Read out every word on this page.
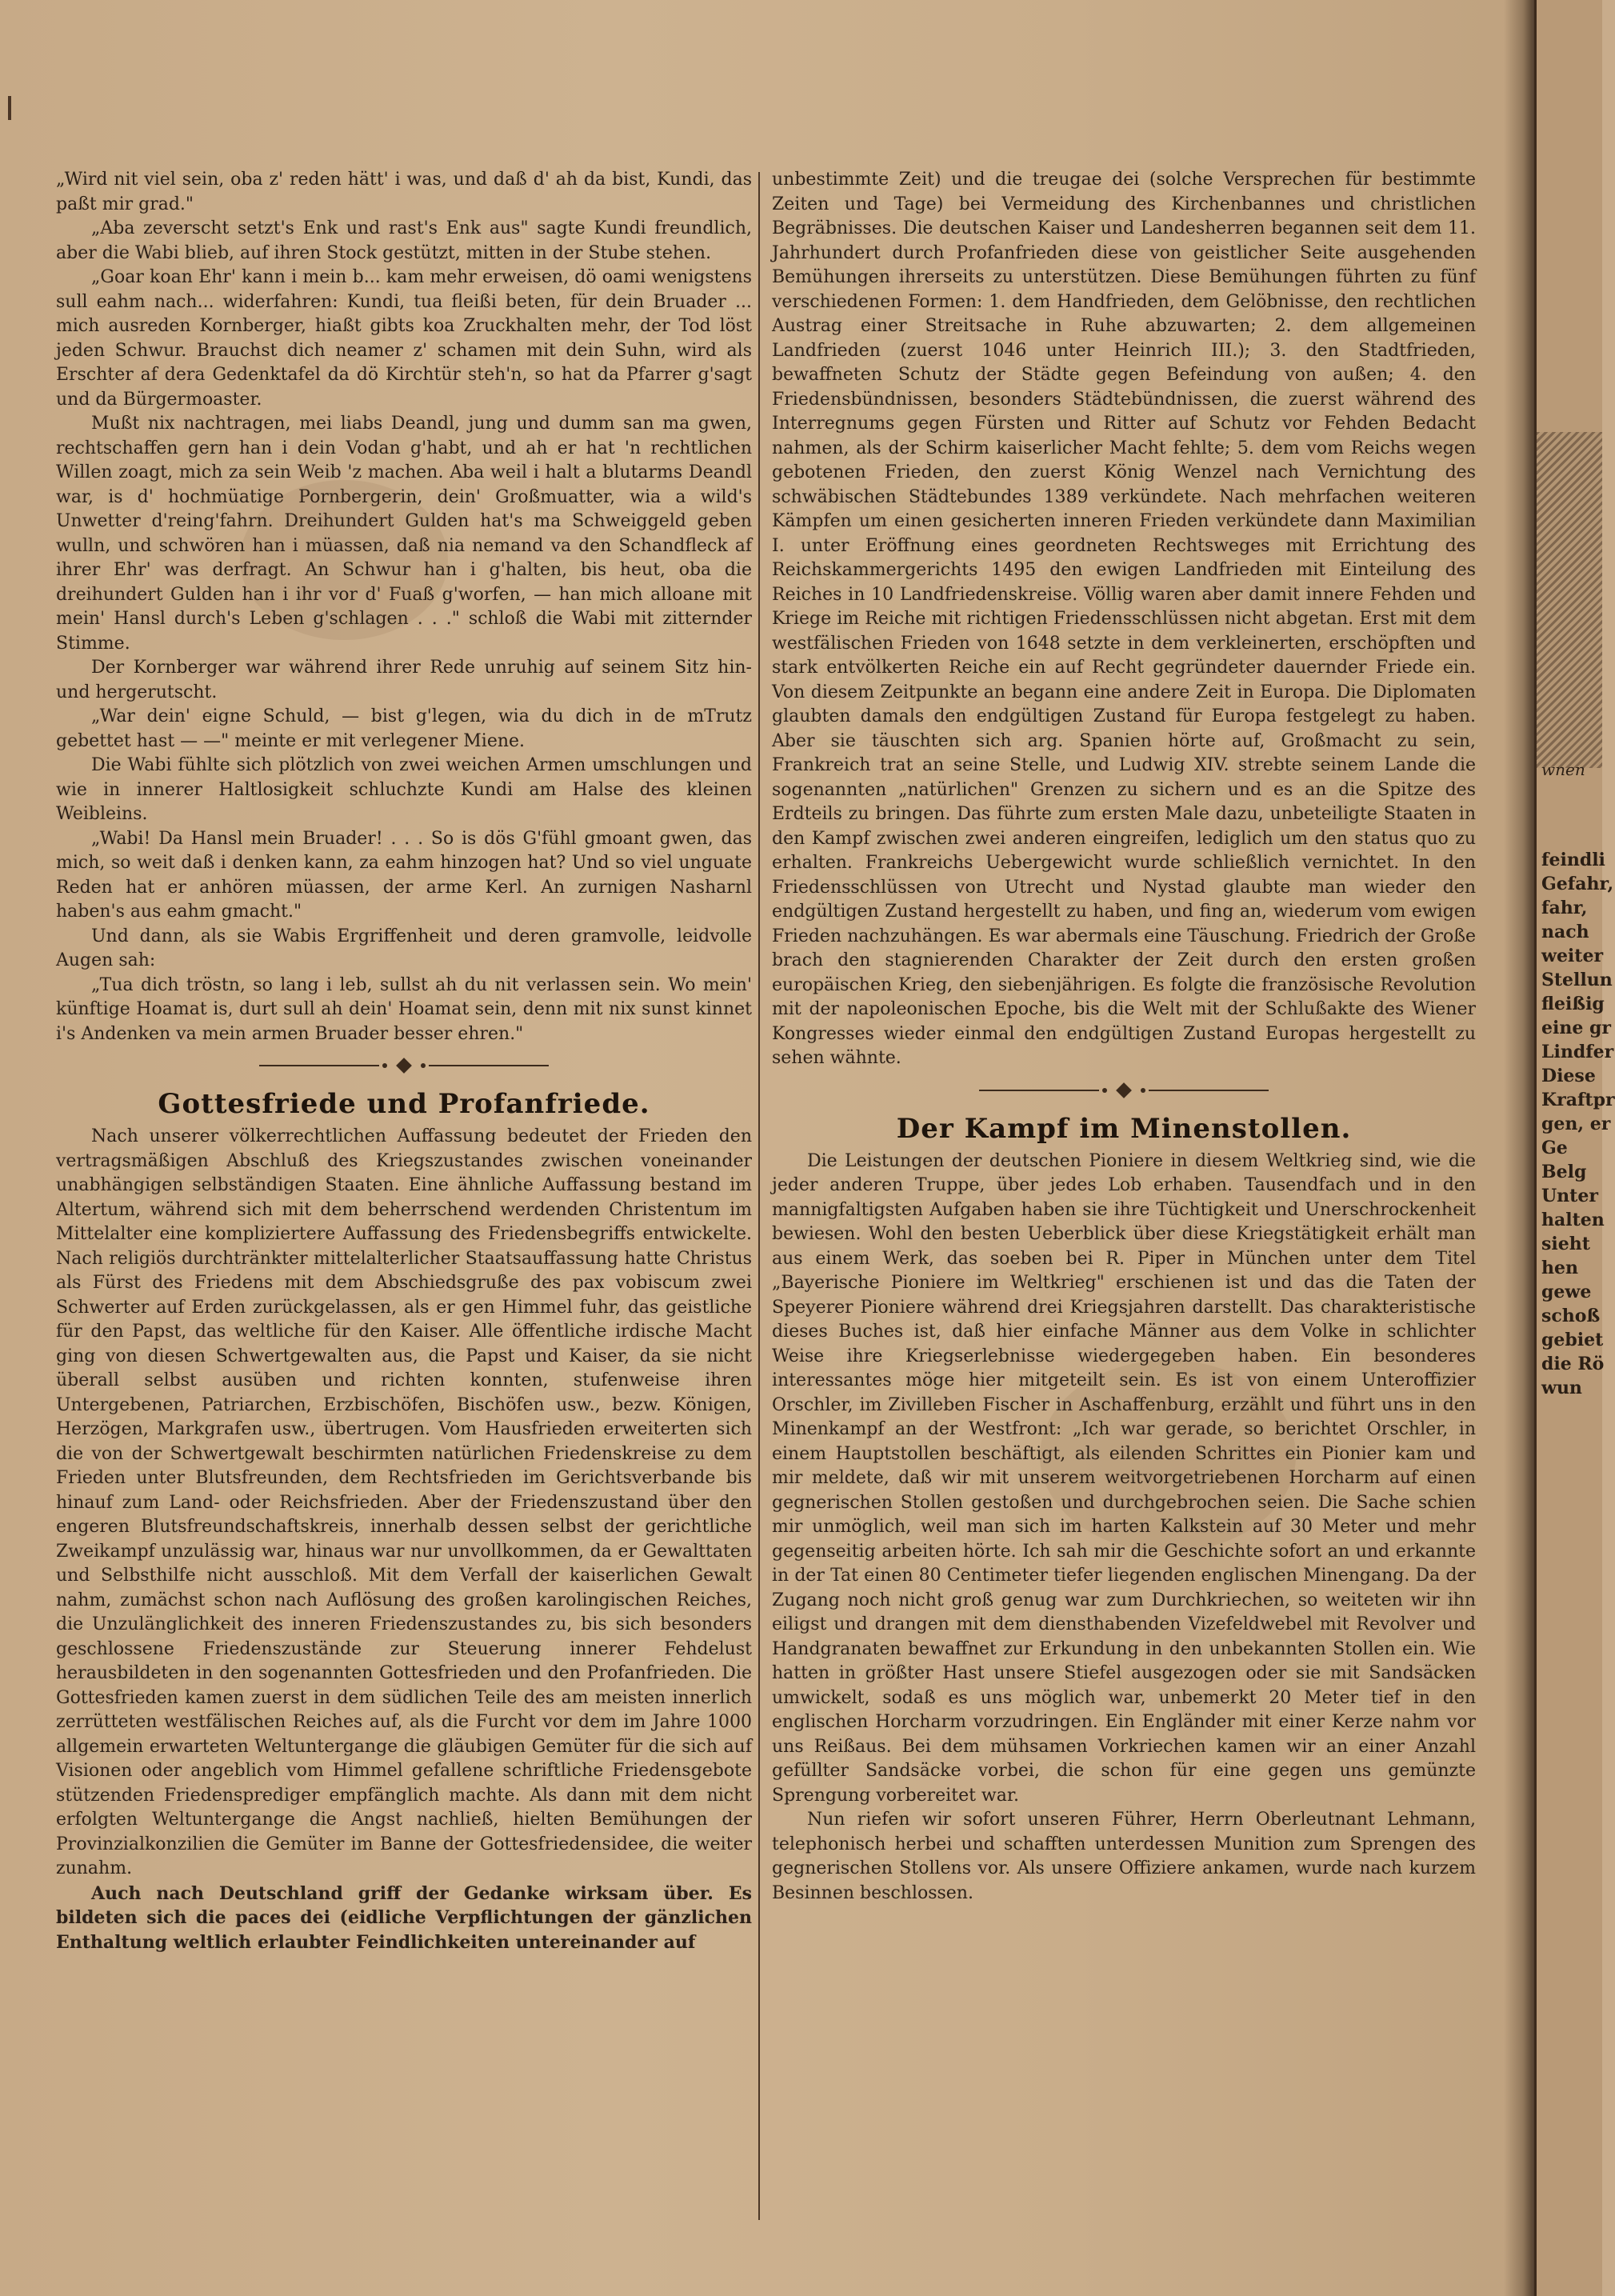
„Wird nit viel sein, oba z' reden hätt' i was, und daß d' ah da bist, Kundi, das paßt mir grad."

„Aba zeverscht setzt's Enk und rast's Enk aus" sagte Kundi freundlich, aber die Wabi blieb, auf ihren Stock gestützt, mitten in der Stube stehen.

„Goar koan Ehr' kann i mein b... kam mehr erweisen, dö oami wenigstens sull eahm nach... widerfahren: Kundi, tua fleißi beten, für dein Bruader ... mich ausreden Kornberger, hiaßt gibts koa Zruckhalten mehr, der Tod löst jeden Schwur. Brauchst dich neamer z' schamen mit dein Suhn, wird als Erschter af dera Gedenktafel da dö Kirchtür steh'n, so hat da Pfarrer g'sagt und da Bürgermoaster.

Mußt nix nachtragen, mei liabs Deandl, jung und dumm san ma gwen, rechtschaffen gern han i dein Vodan g'habt, und ah er hat 'n rechtlichen Willen zoagt, mich za sein Weib 'z machen. Aba weil i halt a blutarms Deandl war, is d' hochmüatige Pornbergerin, dein' Großmuatter, wia a wild's Unwetter d'reing'fahrn. Dreihundert Gulden hat's ma Schweiggeld geben wulln, und schwören han i müassen, daß nia nemand va den Schandfleck af ihrer Ehr' was derfragt. An Schwur han i g'halten, bis heut, oba die dreihundert Gulden han i ihr vor d' Fuaß g'worfen, — han mich alloane mit mein' Hansl durch's Leben g'schlagen . . ." schloß die Wabi mit zitternder Stimme.

Der Kornberger war während ihrer Rede unruhig auf seinem Sitz hin- und hergerutscht.

„War dein' eigne Schuld, — bist g'legen, wia du dich in de mTrutz gebettet hast — —" meinte er mit verlegener Miene.

Die Wabi fühlte sich plötzlich von zwei weichen Armen umschlungen und wie in innerer Haltlosigkeit schluchzte Kundi am Halse des kleinen Weibleins.

„Wabi! Da Hansl mein Bruader! . . . So is dös G'fühl gmoant gwen, das mich, so weit daß i denken kann, za eahm hinzogen hat? Und so viel unguate Reden hat er anhören müassen, der arme Kerl. An zurnigen Nasharnl haben's aus eahm gmacht."

Und dann, als sie Wabis Ergriffenheit und deren gramvolle, leidvolle Augen sah:

„Tua dich tröstn, so lang i leb, sullst ah du nit verlassen sein. Wo mein' künftige Hoamat is, durt sull ah dein' Hoamat sein, denn mit nix sunst kinnet i's Andenken va mein armen Bruader besser ehren."

Gottesfriede und Profanfriede.

Nach unserer völkerrechtlichen Auffassung bedeutet der Frieden den vertragsmäßigen Abschluß des Kriegszustandes zwischen voneinander unabhängigen selbständigen Staaten. Eine ähnliche Auffassung bestand im Altertum, während sich mit dem beherrschend werdenden Christentum im Mittelalter eine kompliziertere Auffassung des Friedensbegriffs entwickelte. Nach religiös durchtränkter mittelalterlicher Staatsauffassung hatte Christus als Fürst des Friedens mit dem Abschiedsgruße des pax vobiscum zwei Schwerter auf Erden zurückgelassen, als er gen Himmel fuhr, das geistliche für den Papst, das weltliche für den Kaiser. Alle öffentliche irdische Macht ging von diesen Schwertgewalten aus, die Papst und Kaiser, da sie nicht überall selbst ausüben und richten konnten, stufenweise ihren Untergebenen, Patriarchen, Erzbischöfen, Bischöfen usw., bezw. Königen, Herzögen, Markgrafen usw., übertrugen. Vom Hausfrieden erweiterten sich die von der Schwertgewalt beschirmten natürlichen Friedenskreise zu dem Frieden unter Blutsfreunden, dem Rechtsfrieden im Gerichtsverbande bis hinauf zum Land- oder Reichsfrieden. Aber der Friedenszustand über den engeren Blutsfreundschaftskreis, innerhalb dessen selbst der gerichtliche Zweikampf unzulässig war, hinaus war nur unvollkommen, da er Gewalttaten und Selbsthilfe nicht ausschloß. Mit dem Verfall der kaiserlichen Gewalt nahm, zumächst schon nach Auflösung des großen karolingischen Reiches, die Unzulänglichkeit des inneren Friedenszustandes zu, bis sich besonders geschlossene Friedenszustände zur Steuerung innerer Fehdelust herausbildeten in den sogenannten Gottesfrieden und den Profanfrieden. Die Gottesfrieden kamen zuerst in dem südlichen Teile des am meisten innerlich zerrütteten westfälischen Reiches auf, als die Furcht vor dem im Jahre 1000 allgemein erwarteten Weltuntergange die gläubigen Gemüter für die sich auf Visionen oder angeblich vom Himmel gefallene schriftliche Friedensgebote stützenden Friedensprediger empfänglich machte. Als dann mit dem nicht erfolgten Weltuntergange die Angst nachließ, hielten Bemühungen der Provinzialkonzilien die Gemüter im Banne der Gottesfriedensidee, die weiter zunahm.

Auch nach Deutschland griff der Gedanke wirksam über. Es bildeten sich die paces dei (eidliche Verpflichtungen der gänzlichen Enthaltung weltlich erlaubter Feindlichkeiten untereinander auf

unbestimmte Zeit) und die treugae dei (solche Versprechen für bestimmte Zeiten und Tage) bei Vermeidung des Kirchenbannes und christlichen Begräbnisses. Die deutschen Kaiser und Landesherren begannen seit dem 11. Jahrhundert durch Profanfrieden diese von geistlicher Seite ausgehenden Bemühungen ihrerseits zu unterstützen. Diese Bemühungen führten zu fünf verschiedenen Formen: 1. dem Handfrieden, dem Gelöbnisse, den rechtlichen Austrag einer Streitsache in Ruhe abzuwarten; 2. dem allgemeinen Landfrieden (zuerst 1046 unter Heinrich III.); 3. den Stadtfrieden, bewaffneten Schutz der Städte gegen Befeindung von außen; 4. den Friedensbündnissen, besonders Städtebündnissen, die zuerst während des Interregnums gegen Fürsten und Ritter auf Schutz vor Fehden Bedacht nahmen, als der Schirm kaiserlicher Macht fehlte; 5. dem vom Reichs wegen gebotenen Frieden, den zuerst König Wenzel nach Vernichtung des schwäbischen Städtebundes 1389 verkündete. Nach mehrfachen weiteren Kämpfen um einen gesicherten inneren Frieden verkündete dann Maximilian I. unter Eröffnung eines geordneten Rechtsweges mit Errichtung des Reichskammergerichts 1495 den ewigen Landfrieden mit Einteilung des Reiches in 10 Landfriedenskreise. Völlig waren aber damit innere Fehden und Kriege im Reiche mit richtigen Friedensschlüssen nicht abgetan. Erst mit dem westfälischen Frieden von 1648 setzte in dem verkleinerten, erschöpften und stark entvölkerten Reiche ein auf Recht gegründeter dauernder Friede ein. Von diesem Zeitpunkte an begann eine andere Zeit in Europa. Die Diplomaten glaubten damals den endgültigen Zustand für Europa festgelegt zu haben. Aber sie täuschten sich arg. Spanien hörte auf, Großmacht zu sein, Frankreich trat an seine Stelle, und Ludwig XIV. strebte seinem Lande die sogenannten „natürlichen" Grenzen zu sichern und es an die Spitze des Erdteils zu bringen. Das führte zum ersten Male dazu, unbeteiligte Staaten in den Kampf zwischen zwei anderen eingreifen, lediglich um den status quo zu erhalten. Frankreichs Uebergewicht wurde schließlich vernichtet. In den Friedensschlüssen von Utrecht und Nystad glaubte man wieder den endgültigen Zustand hergestellt zu haben, und fing an, wiederum vom ewigen Frieden nachzuhängen. Es war abermals eine Täuschung. Friedrich der Große brach den stagnierenden Charakter der Zeit durch den ersten großen europäischen Krieg, den siebenjährigen. Es folgte die französische Revolution mit der napoleonischen Epoche, bis die Welt mit der Schlußakte des Wiener Kongresses wieder einmal den endgültigen Zustand Europas hergestellt zu sehen wähnte.

Der Kampf im Minenstollen.

Die Leistungen der deutschen Pioniere in diesem Weltkrieg sind, wie die jeder anderen Truppe, über jedes Lob erhaben. Tausendfach und in den mannigfaltigsten Aufgaben haben sie ihre Tüchtigkeit und Unerschrockenheit bewiesen. Wohl den besten Ueberblick über diese Kriegstätigkeit erhält man aus einem Werk, das soeben bei R. Piper in München unter dem Titel „Bayerische Pioniere im Weltkrieg" erschienen ist und das die Taten der Speyerer Pioniere während drei Kriegsjahren darstellt. Das charakteristische dieses Buches ist, daß hier einfache Männer aus dem Volke in schlichter Weise ihre Kriegserlebnisse wiedergegeben haben. Ein besonderes interessantes möge hier mitgeteilt sein. Es ist von einem Unteroffizier Orschler, im Zivilleben Fischer in Aschaffenburg, erzählt und führt uns in den Minenkampf an der Westfront: „Ich war gerade, so berichtet Orschler, in einem Hauptstollen beschäftigt, als eilenden Schrittes ein Pionier kam und mir meldete, daß wir mit unserem weitvorgetriebenen Horcharm auf einen gegnerischen Stollen gestoßen und durchgebrochen seien. Die Sache schien mir unmöglich, weil man sich im harten Kalkstein auf 30 Meter und mehr gegenseitig arbeiten hörte. Ich sah mir die Geschichte sofort an und erkannte in der Tat einen 80 Centimeter tiefer liegenden englischen Minengang. Da der Zugang noch nicht groß genug war zum Durchkriechen, so weiteten wir ihn eiligst und drangen mit dem diensthabenden Vizefeldwebel mit Revolver und Handgranaten bewaffnet zur Erkundung in den unbekannten Stollen ein. Wie hatten in größter Hast unsere Stiefel ausgezogen oder sie mit Sandsäcken umwickelt, sodaß es uns möglich war, unbemerkt 20 Meter tief in den englischen Horcharm vorzudringen. Ein Engländer mit einer Kerze nahm vor uns Reißaus. Bei dem mühsamen Vorkriechen kamen wir an einer Anzahl gefüllter Sandsäcke vorbei, die schon für eine gegen uns gemünzte Sprengung vorbereitet war.

Nun riefen wir sofort unseren Führer, Herrn Oberleutnant Lehmann, telephonisch herbei und schafften unterdessen Munition zum Sprengen des gegnerischen Stollens vor. Als unsere Offiziere ankamen, wurde nach kurzem Besinnen beschlossen.

wnen
feindli
Gefahr,
fahr,
nach
weiter
Stellun
fleißig
eine gr
Lindfer
Diese
Kraftpr
gen, er
Ge
Belg
Unter
halten
sieht
hen
gewe
schoß
gebiet
die Rö
wun
